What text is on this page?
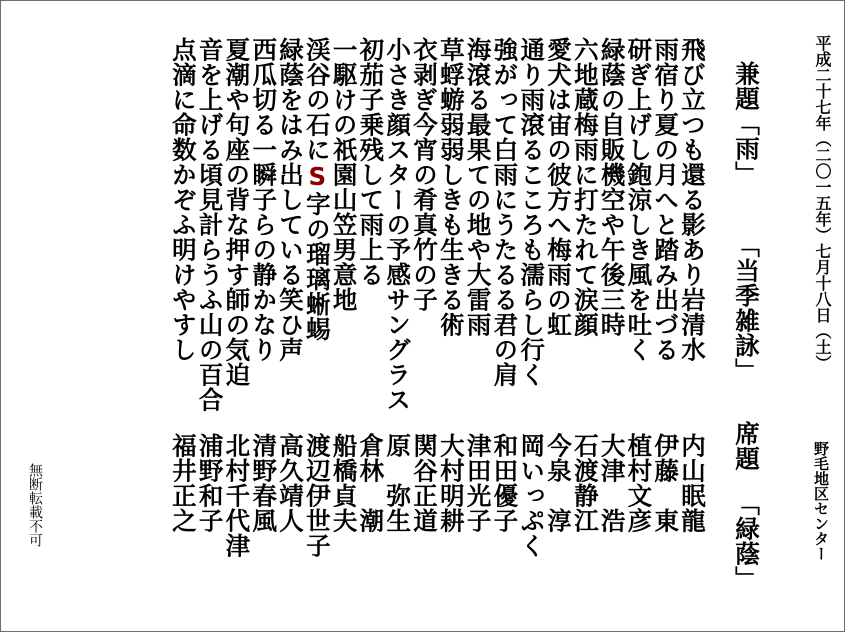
平成二十七年（二〇一五年）七月十八日（土）
野毛地区センター
兼題「雨」
「当季雑詠」
席題
「緑蔭」
飛び立つも還る影あり岩清水
雨宿り夏の月へと踏み出づる
研ぎ上げし鉋涼しき風を吐く
緑蔭の自販機空や午後三時
六地蔵梅雨に打たれて涙顔
愛犬は宙の彼方へ梅雨の虹
通り雨滾るこころも濡らし行く
強がって白雨にうたるる君の肩
海滾る最果ての地や大雷雨
草蜉蝣弱弱しきも生きる術
衣剥ぎ今宵の肴真竹の子
小さき顔スターの予感サングラス
初茄子乗残して雨上る
一駆けの祇園山笠男意地
渓谷の石にS字の瑠璃蜥蜴
緑蔭をはみ出している笑ひ声
西瓜切る一瞬子らの静かなり
夏潮や句座の背な押す師の気迫
音を上げる頃見計らうふ山の百合
点滴に命数かぞふ明けやすし
内山眠龍
伊藤　東
植村文彦
大津　浩
石渡静江
今泉　淳
岡いっぷく
和田優子
津田光子
大村明耕
関谷正道
原　弥生
倉林　潮
船橋貞夫
渡辺伊世子
高久靖人
清野春風
北村千代津
浦野和子
福井正之
無断転載不可
